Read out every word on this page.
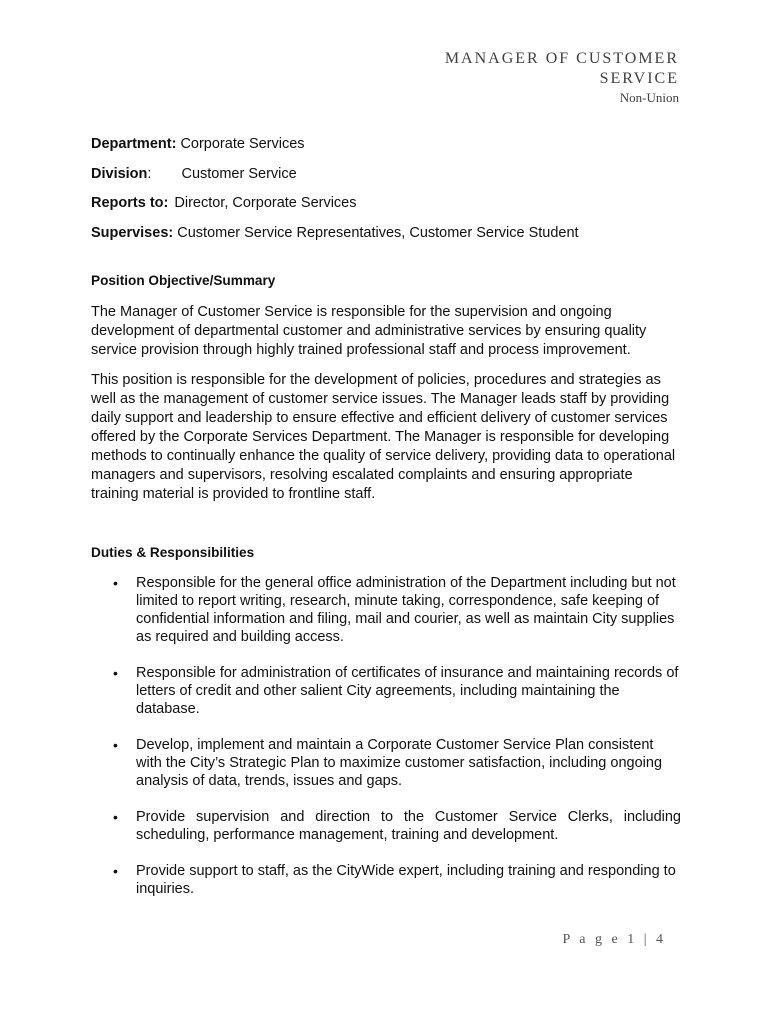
MANAGER OF CUSTOMER
SERVICE
Non-Union
Department: Corporate Services
Division: Customer Service
Reports to: Director, Corporate Services
Supervises: Customer Service Representatives, Customer Service Student
Position Objective/Summary

The Manager of Customer Service is responsible for the supervision and ongoing development of departmental customer and administrative services by ensuring quality service provision through highly trained professional staff and process improvement.

This position is responsible for the development of policies, procedures and strategies as well as the management of customer service issues. The Manager leads staff by providing daily support and leadership to ensure effective and efficient delivery of customer services offered by the Corporate Services Department. The Manager is responsible for developing methods to continually enhance the quality of service delivery, providing data to operational managers and supervisors, resolving escalated complaints and ensuring appropriate training material is provided to frontline staff.

Duties & Responsibilities
• Responsible for the general office administration of the Department including but not limited to report writing, research, minute taking, correspondence, safe keeping of confidential information and filing, mail and courier, as well as maintain City supplies as required and building access.
• Responsible for administration of certificates of insurance and maintaining records of letters of credit and other salient City agreements, including maintaining the database.
• Develop, implement and maintain a Corporate Customer Service Plan consistent with the City’s Strategic Plan to maximize customer satisfaction, including ongoing analysis of data, trends, issues and gaps.
• Provide supervision and direction to the Customer Service Clerks, including scheduling, performance management, training and development.
• Provide support to staff, as the CityWide expert, including training and responding to inquiries.
P a g e 1 | 4
